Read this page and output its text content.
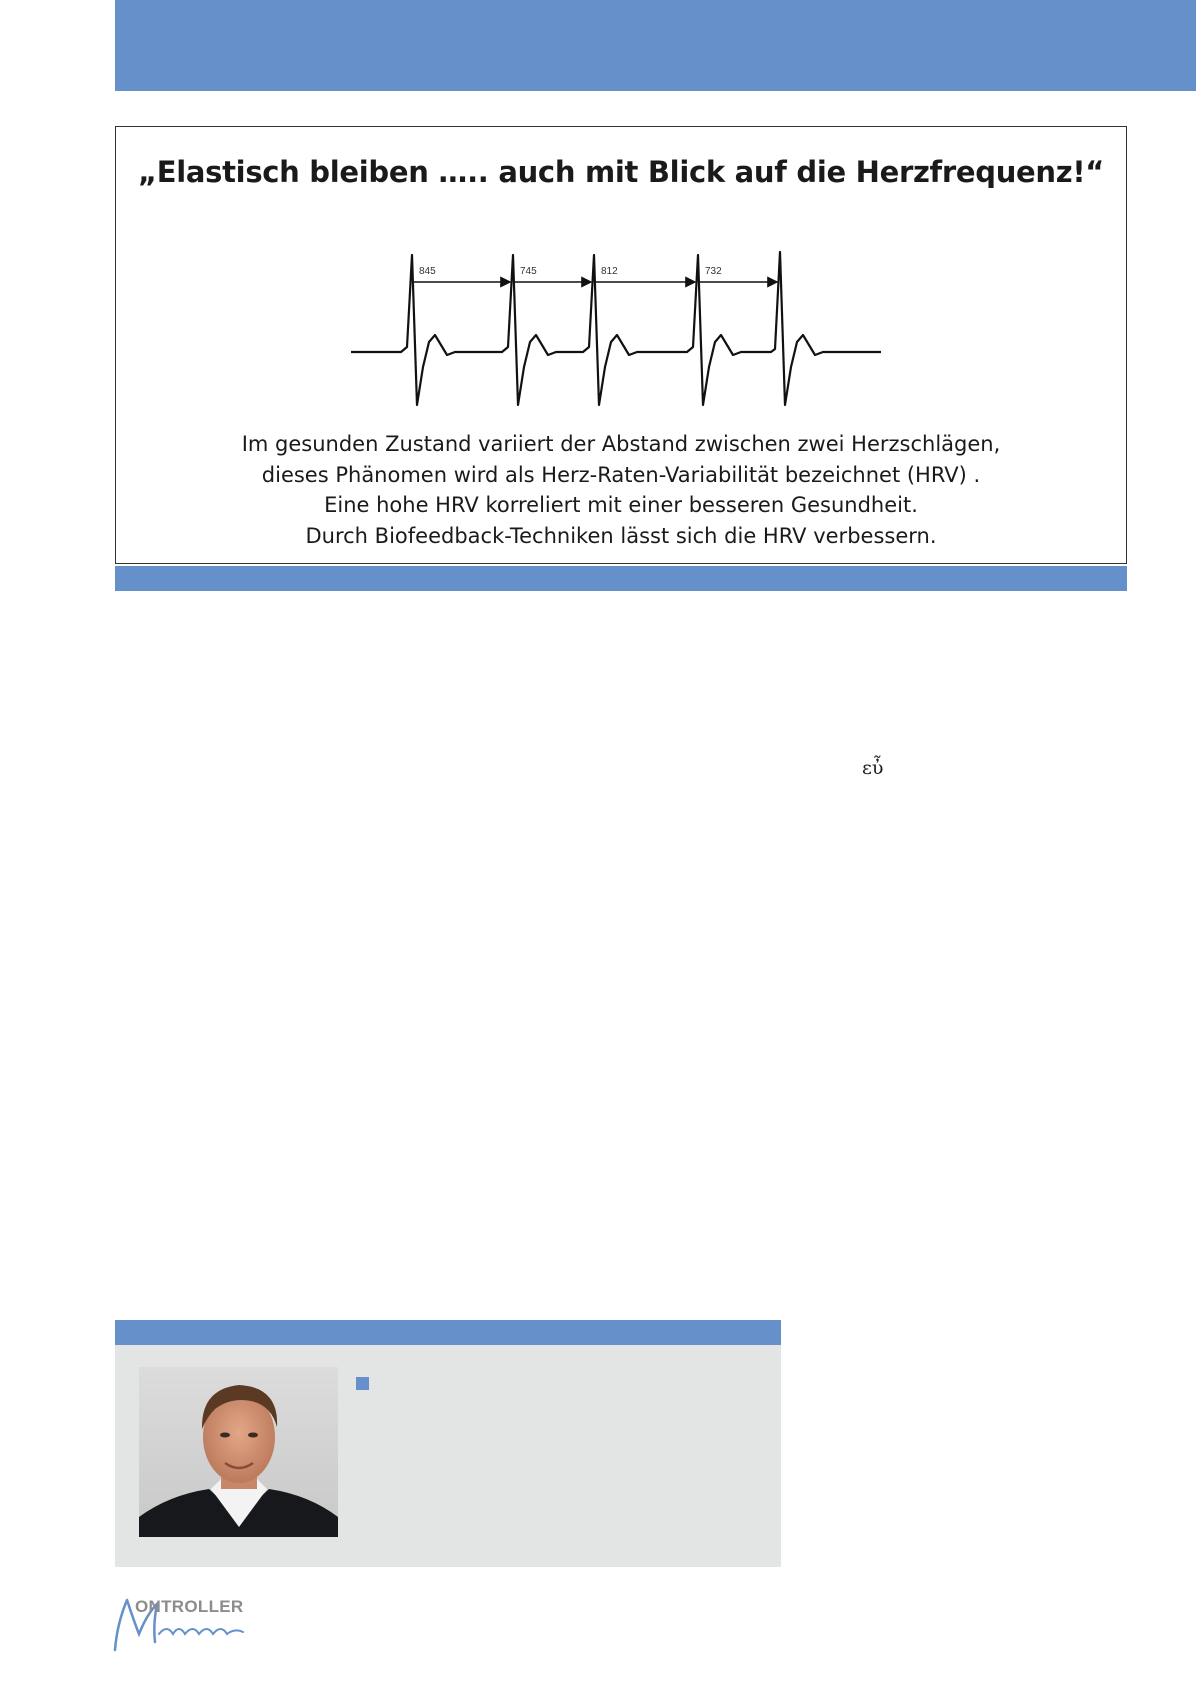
„Elastisch bleiben ….. auch mit Blick auf die Herzfrequenz!“
845	745	812	732
Im gesunden Zustand variiert der Abstand zwischen zwei Herzschlägen,
dieses Phänomen wird als Herz-Raten-Variabilität bezeichnet (HRV) .
Eine hohe HRV korreliert mit einer besseren Gesundheit.
Durch Biofeedback-Techniken lässt sich die HRV verbessern.
εὖ
ONTROLLER
